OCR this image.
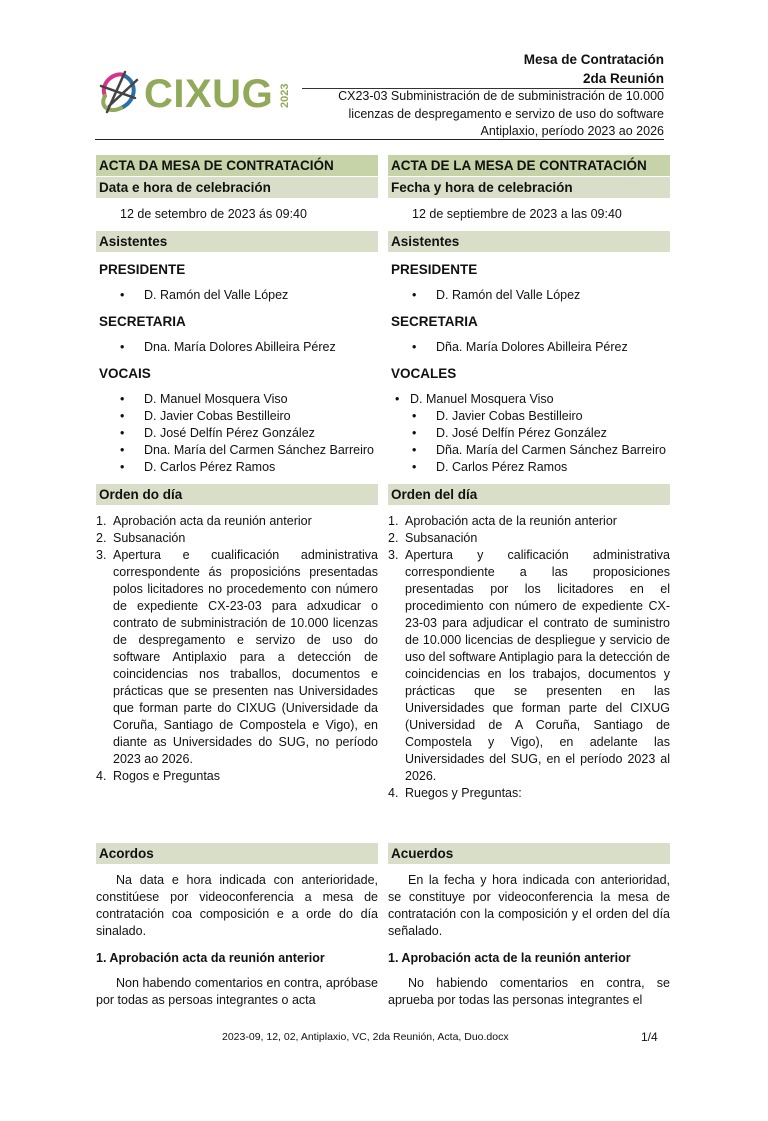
CIXUG 2023
Mesa de Contratación
2da Reunión
CX23-03 Subministración de de subministración de 10.000
licenzas de despregamento e servizo de uso do software
Antiplaxio, período 2023 ao 2026
ACTA DA MESA DE CONTRATACIÓN
Data e hora de celebración
12 de setembro de 2023 ás 09:40
Asistentes
PRESIDENTE
• D. Ramón del Valle López
SECRETARIA
• Dna. María Dolores Abilleira Pérez
VOCAIS
• D. Manuel Mosquera Viso
• D. Javier Cobas Bestilleiro
• D. José Delfín Pérez González
• Dna. María del Carmen Sánchez Barreiro
• D. Carlos Pérez Ramos
Orden do día
1. Aprobación acta da reunión anterior
2. Subsanación
3. Apertura e cualificación administrativa correspondente ás proposicións presentadas polos licitadores no procedemento con número de expediente CX-23-03 para adxudicar o contrato de subministración de 10.000 licenzas de despregamento e servizo de uso do software Antiplaxio para a detección de coincidencias nos traballos, documentos e prácticas que se presenten nas Universidades que forman parte do CIXUG (Universidade da Coruña, Santiago de Compostela e Vigo), en diante as Universidades do SUG, no período 2023 ao 2026.
4. Rogos e Preguntas
Acordos
Na data e hora indicada con anterioridade, constitúese por videoconferencia a mesa de contratación coa composición e a orde do día sinalado.
1. Aprobación acta da reunión anterior
Non habendo comentarios en contra, apróbase por todas as persoas integrantes o acta
ACTA DE LA MESA DE CONTRATACIÓN
Fecha y hora de celebración
12 de septiembre de 2023 a las 09:40
Asistentes
PRESIDENTE
• D. Ramón del Valle López
SECRETARIA
• Dña. María Dolores Abilleira Pérez
VOCALES
• D. Manuel Mosquera Viso
• D. Javier Cobas Bestilleiro
• D. José Delfín Pérez González
• Dña. María del Carmen Sánchez Barreiro
• D. Carlos Pérez Ramos
Orden del día
1. Aprobación acta de la reunión anterior
2. Subsanación
3. Apertura y calificación administrativa correspondiente a las proposiciones presentadas por los licitadores en el procedimiento con número de expediente CX-23-03 para adjudicar el contrato de suministro de 10.000 licencias de despliegue y servicio de uso del software Antiplagio para la detección de coincidencias en los trabajos, documentos y prácticas que se presenten en las Universidades que forman parte del CIXUG (Universidad de A Coruña, Santiago de Compostela y Vigo), en adelante las Universidades del SUG, en el período 2023 al 2026.
4. Ruegos y Preguntas:
Acuerdos
En la fecha y hora indicada con anterioridad, se constituye por videoconferencia la mesa de contratación con la composición y el orden del día señalado.
1. Aprobación acta de la reunión anterior
No habiendo comentarios en contra, se aprueba por todas las personas integrantes el
2023-09, 12, 02, Antiplaxio, VC, 2da Reunión, Acta, Duo.docx	1/4
